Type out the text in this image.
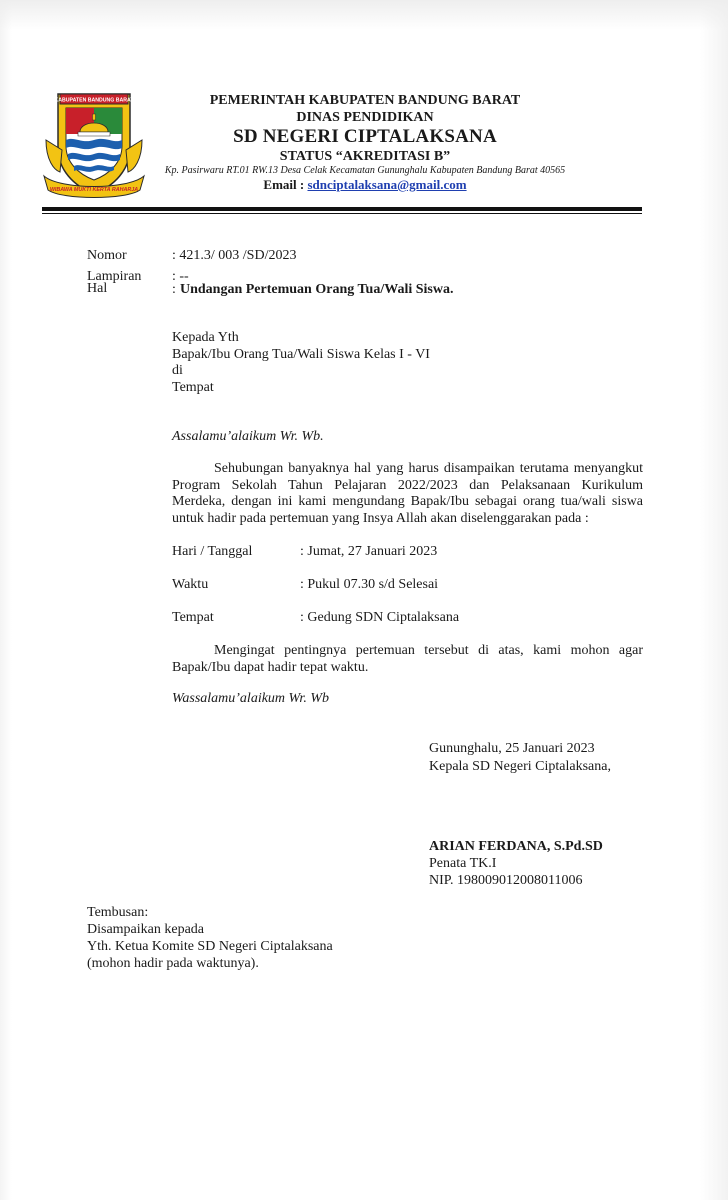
KABUPATEN BANDUNG BARAT
WIBAWA MUKTI KERTA RAHARJA
PEMERINTAH KABUPATEN BANDUNG BARAT
DINAS PENDIDIKAN
SD NEGERI CIPTALAKSANA
STATUS “AKREDITASI B”
Kp. Pasirwaru RT.01 RW.13 Desa Celak Kecamatan Gununghalu Kabupaten Bandung Barat 40565
Email : sdnciptalaksana@gmail.com
Nomor	: 421.3/ 003 /SD/2023
Lampiran : --
Hal	: Undangan Pertemuan Orang Tua/Wali Siswa.
Kepada Yth
Bapak/Ibu Orang Tua/Wali Siswa Kelas I - VI
di
Tempat
Assalamu’alaikum Wr. Wb.
Sehubungan banyaknya hal yang harus disampaikan terutama menyangkut Program Sekolah Tahun Pelajaran 2022/2023 dan Pelaksanaan Kurikulum Merdeka, dengan ini kami mengundang Bapak/Ibu sebagai orang tua/wali siswa untuk hadir pada pertemuan yang Insya Allah akan diselenggarakan pada :
Hari / Tanggal	: Jumat, 27 Januari 2023
Waktu	: Pukul 07.30 s/d Selesai
Tempat	: Gedung SDN Ciptalaksana
Mengingat pentingnya pertemuan tersebut di atas, kami mohon agar Bapak/Ibu dapat hadir tepat waktu.
Wassalamu’alaikum Wr. Wb
Gununghalu, 25 Januari 2023
Kepala SD Negeri Ciptalaksana,
ARIAN FERDANA, S.Pd.SD
Penata TK.I
NIP. 198009012008011006
Tembusan:
Disampaikan kepada
Yth. Ketua Komite SD Negeri Ciptalaksana
(mohon hadir pada waktunya).
